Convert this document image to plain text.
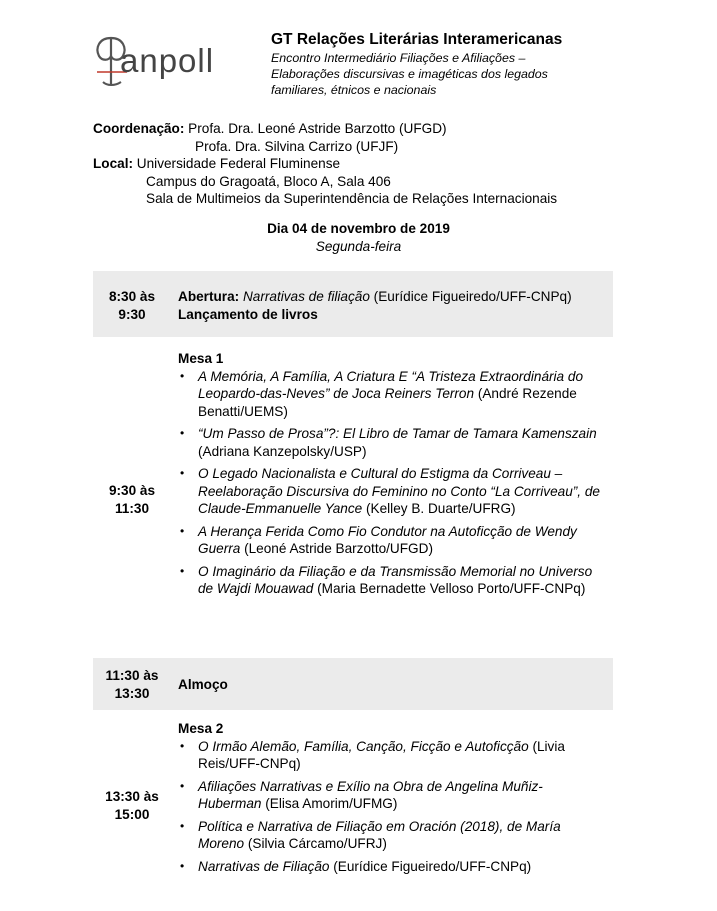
anpoll
GT Relações Literárias Interamericanas
Encontro Intermediário Filiações e Afiliações –
Elaborações discursivas e imagéticas dos legados
familiares, étnicos e nacionais
Coordenação: Profa. Dra. Leoné Astride Barzotto (UFGD)
Profa. Dra. Silvina Carrizo (UFJF)
Local: Universidade Federal Fluminense
Campus do Gragoatá, Bloco A, Sala 406
Sala de Multimeios da Superintendência de Relações Internacionais
Dia 04 de novembro de 2019
Segunda-feira
8:30 às
9:30
Abertura: Narrativas de filiação (Eurídice Figueiredo/UFF-CNPq)
Lançamento de livros
9:30 às
11:30
Mesa 1
• A Memória, A Família, A Criatura E “A Tristeza Extraordinária do Leopardo-das-Neves” de Joca Reiners Terron (André Rezende Benatti/UEMS)
• “Um Passo de Prosa”?: El Libro de Tamar de Tamara Kamenszain (Adriana Kanzepolsky/USP)
• O Legado Nacionalista e Cultural do Estigma da Corriveau – Reelaboração Discursiva do Feminino no Conto “La Corriveau”, de Claude-Emmanuelle Yance (Kelley B. Duarte/UFRG)
• A Herança Ferida Como Fio Condutor na Autoficção de Wendy Guerra (Leoné Astride Barzotto/UFGD)
• O Imaginário da Filiação e da Transmissão Memorial no Universo de Wajdi Mouawad (Maria Bernadette Velloso Porto/UFF-CNPq)
11:30 às
13:30
Almoço
13:30 às
15:00
Mesa 2
• O Irmão Alemão, Família, Canção, Ficção e Autoficção (Livia Reis/UFF-CNPq)
• Afiliações Narrativas e Exílio na Obra de Angelina Muñiz-Huberman (Elisa Amorim/UFMG)
• Política e Narrativa de Filiação em Oración (2018), de María Moreno (Silvia Cárcamo/UFRJ)
• Narrativas de Filiação (Eurídice Figueiredo/UFF-CNPq)
